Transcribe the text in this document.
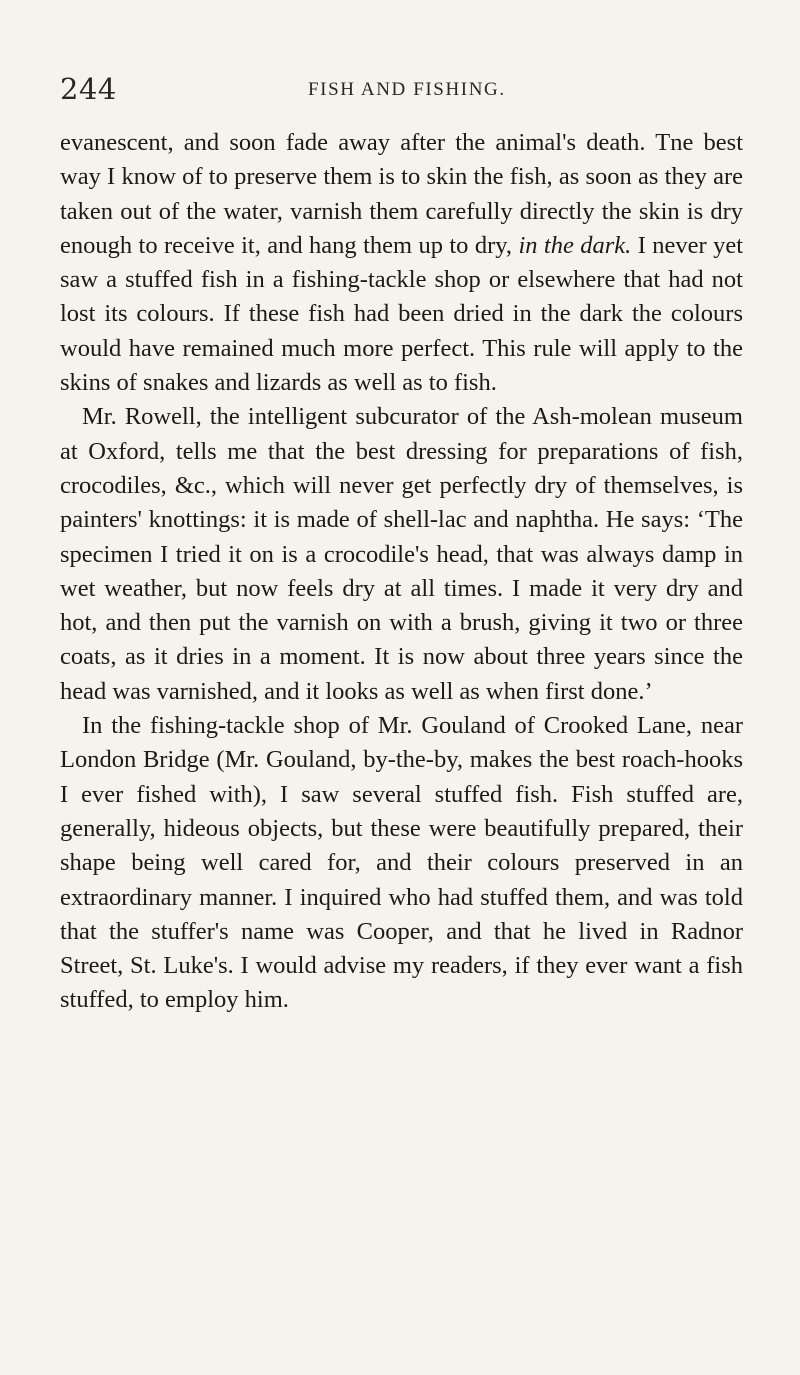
244	FISH AND FISHING.

evanescent, and soon fade away after the animal's death. Tne best way I know of to preserve them is to skin the fish, as soon as they are taken out of the water, varnish them carefully directly the skin is dry enough to receive it, and hang them up to dry, in the dark. I never yet saw a stuffed fish in a fishing-tackle shop or elsewhere that had not lost its colours. If these fish had been dried in the dark the colours would have remained much more perfect. This rule will apply to the skins of snakes and lizards as well as to fish.

Mr. Rowell, the intelligent subcurator of the Ash-molean museum at Oxford, tells me that the best dressing for preparations of fish, crocodiles, &c., which will never get perfectly dry of themselves, is painters' knottings: it is made of shell-lac and naphtha. He says: ‘The specimen I tried it on is a crocodile's head, that was always damp in wet weather, but now feels dry at all times. I made it very dry and hot, and then put the varnish on with a brush, giving it two or three coats, as it dries in a moment. It is now about three years since the head was varnished, and it looks as well as when first done.’

In the fishing-tackle shop of Mr. Gouland of Crooked Lane, near London Bridge (Mr. Gouland, by-the-by, makes the best roach-hooks I ever fished with), I saw several stuffed fish. Fish stuffed are, generally, hideous objects, but these were beautifully prepared, their shape being well cared for, and their colours preserved in an extraordinary manner. I inquired who had stuffed them, and was told that the stuffer's name was Cooper, and that he lived in Radnor Street, St. Luke's. I would advise my readers, if they ever want a fish stuffed, to employ him.
